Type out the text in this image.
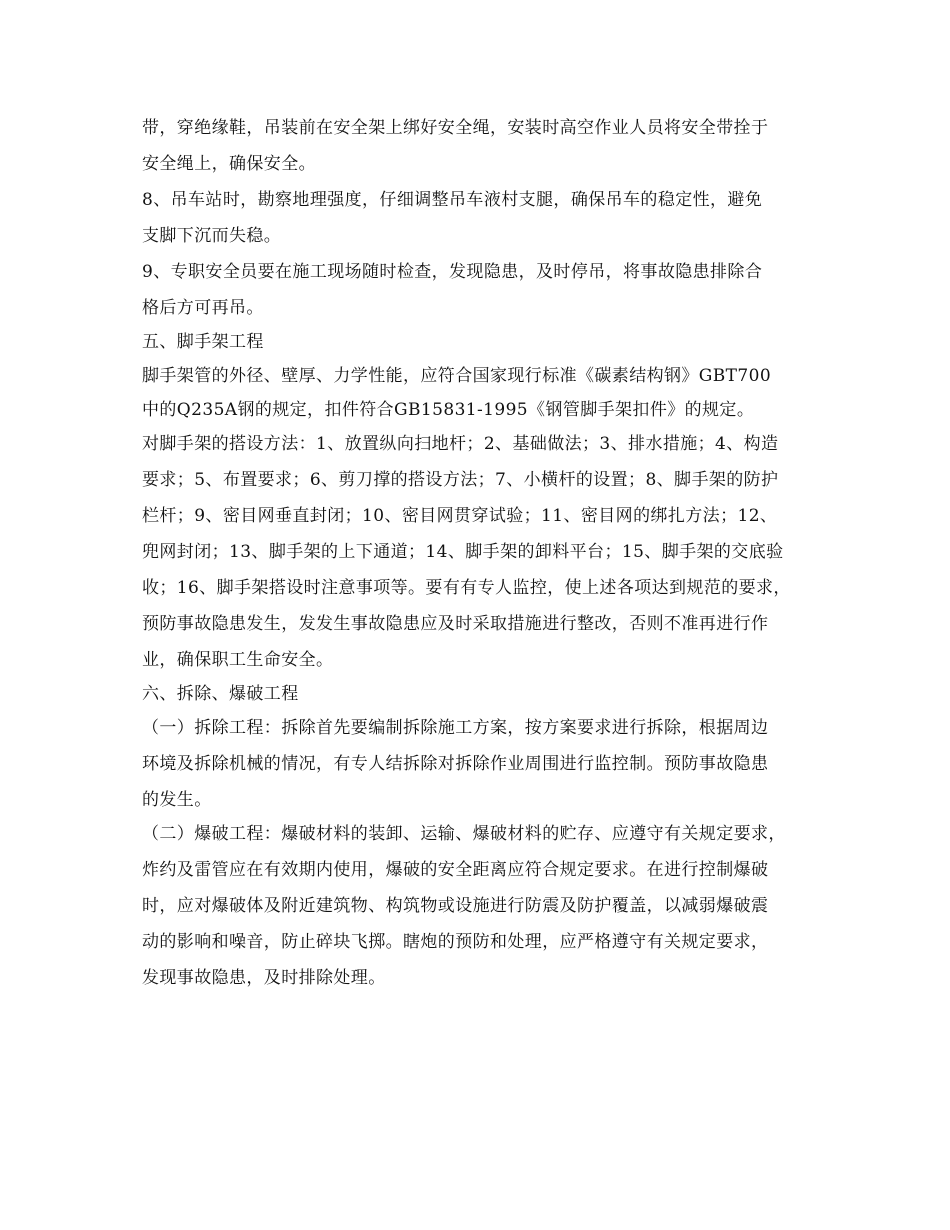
带，穿绝缘鞋，吊装前在安全架上绑好安全绳，安装时高空作业人员将安全带拴于
安全绳上，确保安全。
8、吊车站时，勘察地理强度，仔细调整吊车液村支腿，确保吊车的稳定性，避免
支脚下沉而失稳。
9、专职安全员要在施工现场随时检查，发现隐患，及时停吊，将事故隐患排除合
格后方可再吊。
五、脚手架工程
脚手架管的外径、壁厚、力学性能，应符合国家现行标准《碳素结构钢》GBT700
中的Q235A钢的规定，扣件符合GB15831-1995《钢管脚手架扣件》的规定。
对脚手架的搭设方法：1、放置纵向扫地杆；2、基础做法；3、排水措施；4、构造
要求；5、布置要求；6、剪刀撑的搭设方法；7、小横杆的设置；8、脚手架的防护
栏杆；9、密目网垂直封闭；10、密目网贯穿试验；11、密目网的绑扎方法；12、
兜网封闭；13、脚手架的上下通道；14、脚手架的卸料平台；15、脚手架的交底验
收；16、脚手架搭设时注意事项等。要有有专人监控，使上述各项达到规范的要求，
预防事故隐患发生，发发生事故隐患应及时采取措施进行整改，否则不准再进行作
业，确保职工生命安全。
六、拆除、爆破工程
（一）拆除工程：拆除首先要编制拆除施工方案，按方案要求进行拆除，根据周边
环境及拆除机械的情况，有专人结拆除对拆除作业周围进行监控制。预防事故隐患
的发生。
（二）爆破工程：爆破材料的装卸、运输、爆破材料的贮存、应遵守有关规定要求，
炸约及雷管应在有效期内使用，爆破的安全距离应符合规定要求。在进行控制爆破
时，应对爆破体及附近建筑物、构筑物或设施进行防震及防护覆盖，以减弱爆破震
动的影响和噪音，防止碎块飞掷。瞎炮的预防和处理，应严格遵守有关规定要求，
发现事故隐患，及时排除处理。
